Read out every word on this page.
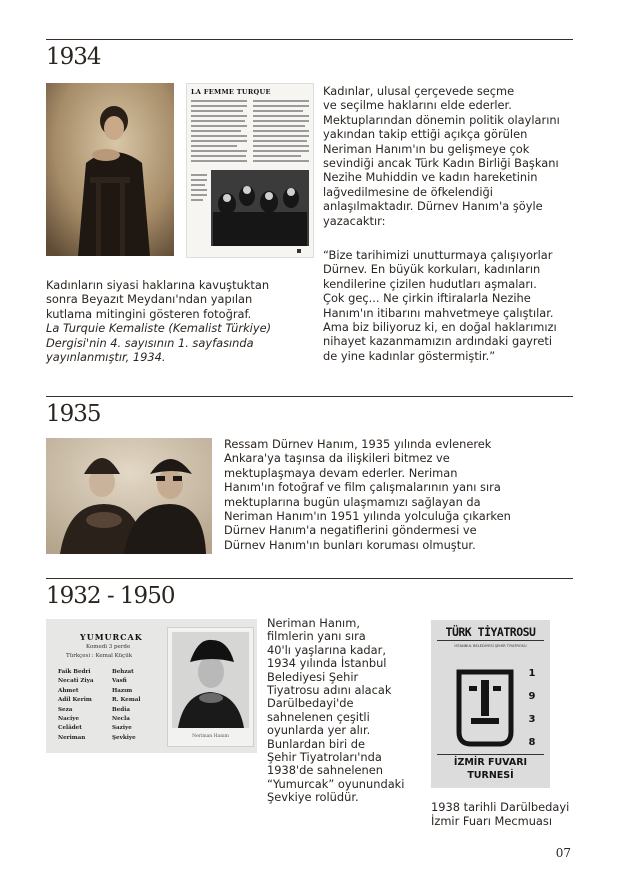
1934
LA FEMME TURQUE

Kadınların siyasi haklarına kavuştuktan

sonra Beyazıt Meydanı'ndan yapılan

kutlama mitingini gösteren fotoğraf.

La Turquie Kemaliste (Kemalist Türkiye)

Dergisi'nin 4. sayısının 1. sayfasında

yayınlanmıştır, 1934.

Kadınlar, ulusal çerçevede seçme

ve seçilme haklarını elde ederler.

Mektuplarından dönemin politik olaylarını

yakından takip ettiği açıkça görülen

Neriman Hanım'ın bu gelişmeye çok

sevindiği ancak Türk Kadın Birliği Başkanı

Nezihe Muhiddin ve kadın hareketinin

lağvedilmesine de öfkelendiği

anlaşılmaktadır. Dürnev Hanım'a şöyle

yazacaktır:

“Bize tarihimizi unutturmaya çalışıyorlar

Dürnev. En büyük korkuları, kadınların

kendilerine çizilen hudutları aşmaları.

Çok geç... Ne çirkin iftiralarla Nezihe

Hanım'ın itibarını mahvetmeye çalıştılar.

Ama biz biliyoruz ki, en doğal haklarımızı

nihayet kazanmamızın ardındaki gayreti

de yine kadınlar göstermiştir.”

1935

Ressam Dürnev Hanım, 1935 yılında evlenerek

Ankara'ya taşınsa da ilişkileri bitmez ve

mektuplaşmaya devam ederler. Neriman

Hanım'ın fotoğraf ve film çalışmalarının yanı sıra

mektuplarına bugün ulaşmamızı sağlayan da

Neriman Hanım'ın 1951 yılında yolculuğa çıkarken

Dürnev Hanım'a negatiflerini göndermesi ve

Dürnev Hanım'ın bunları koruması olmuştur.

1932 - 1950
YUMURCAK
Komedi 3 perde
Türkçesi : Kemal Küçük
Faik Bedri
Necati Ziya
Ahmet
Adil Kerim
Seza
Naciye
Celâdet
Neriman
Behzat
Vasfi
Hazım
R. Kemal
Bedia
Necla
Saziye
Şevkiye	Neriman Hanım

Neriman Hanım,

filmlerin yanı sıra

40'lı yaşlarına kadar,

1934 yılında İstanbul

Belediyesi Şehir

Tiyatrosu adını alacak

Darülbedayi'de

sahnelenen çeşitli

oyunlarda yer alır.

Bunlardan biri de

Şehir Tiyatroları'nda

1938'de sahnelenen

“Yumurcak” oyunundaki

Şevkiye rolüdür.

TÜRK TİYATROSU
İSTANBUL BELEDİYESİ ŞEHİR TİYATROSU
1
9
3
8
İZMİR FUVARI
TURNESİ

1938 tarihli Darülbedayi

İzmir Fuarı Mecmuası

07
